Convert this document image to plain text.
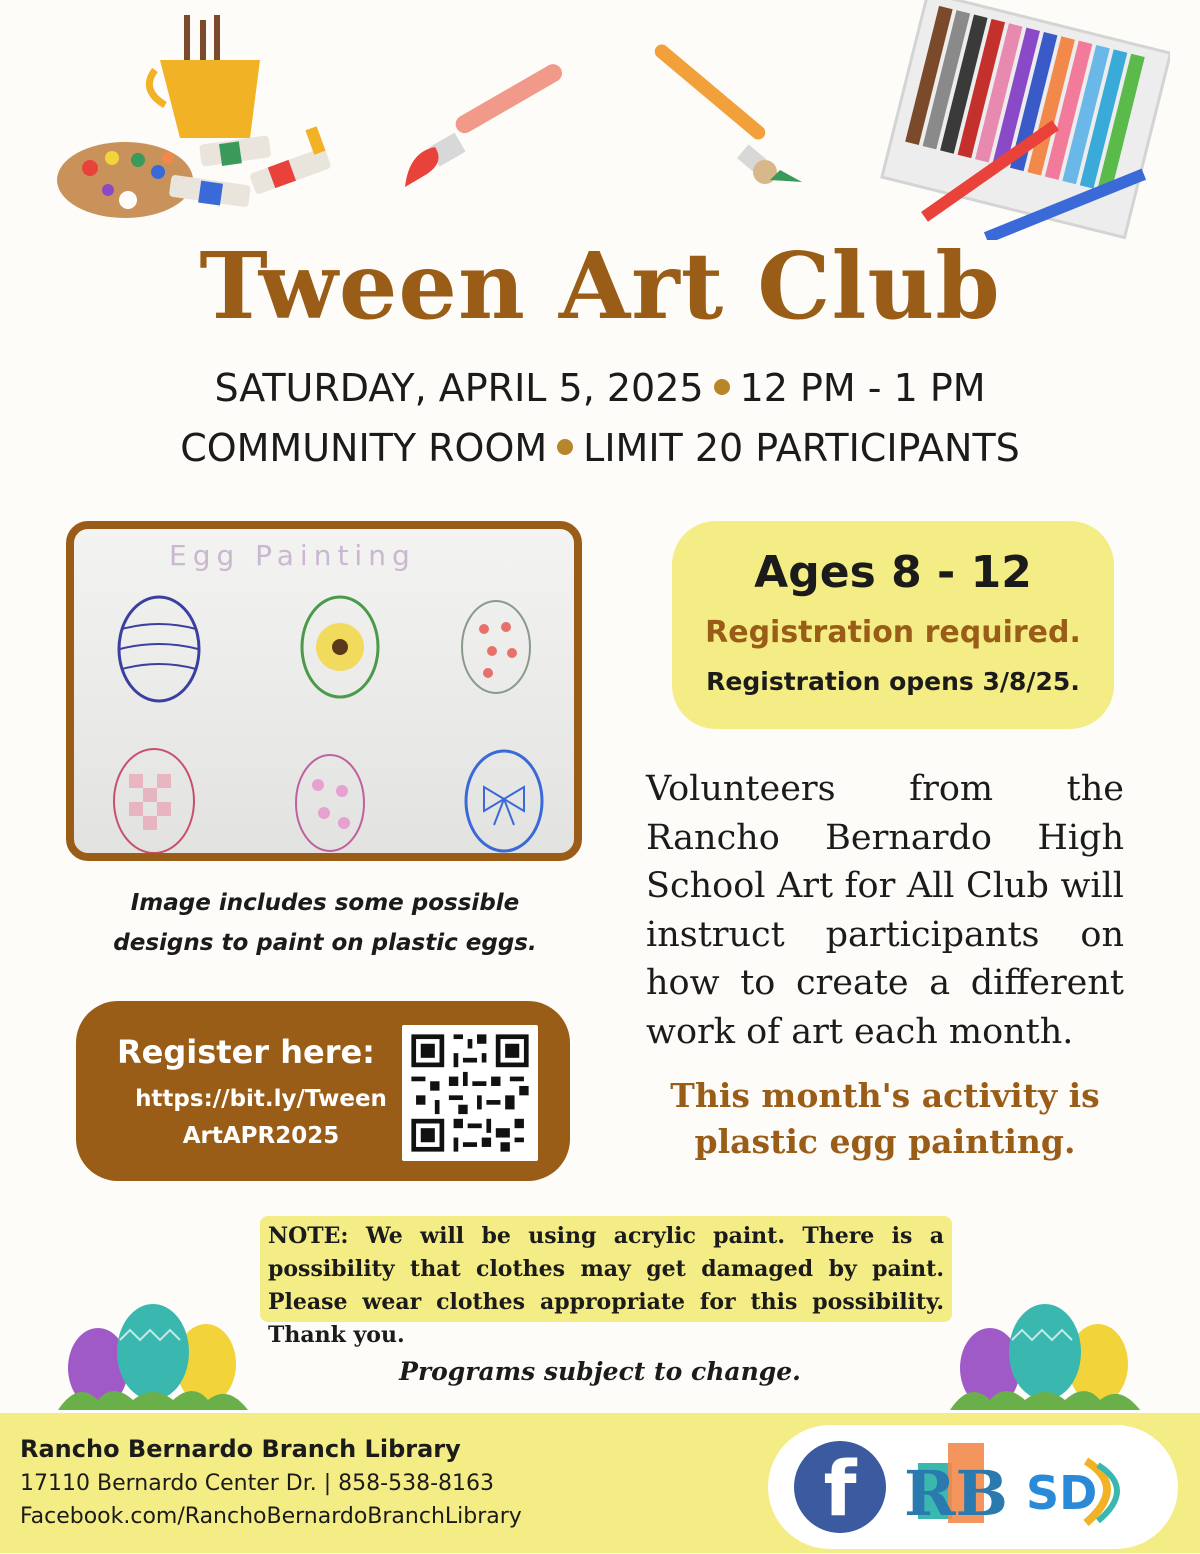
Tween Art Club
SATURDAY, APRIL 5, 2025 12 PM - 1 PM
COMMUNITY ROOM LIMIT 20 PARTICIPANTS
Egg Painting
Image includes some possible designs to paint on plastic eggs.
Register here:
https://bit.ly/Tween
ArtAPR2025
Ages 8 - 12
Registration required.
Registration opens 3/8/25.
Volunteers from the Rancho Bernardo High School Art for All Club will instruct participants on how to create a different work of art each month.
This month's activity is plastic egg painting.
NOTE: We will be using acrylic paint. There is a possibility that clothes may get damaged by paint. Please wear clothes appropriate for this possibility. Thank you.
Programs subject to change.
Rancho Bernardo Branch Library
17110 Bernardo Center Dr. | 858-538-8163
Facebook.com/RanchoBernardoBranchLibrary	f RB SD
